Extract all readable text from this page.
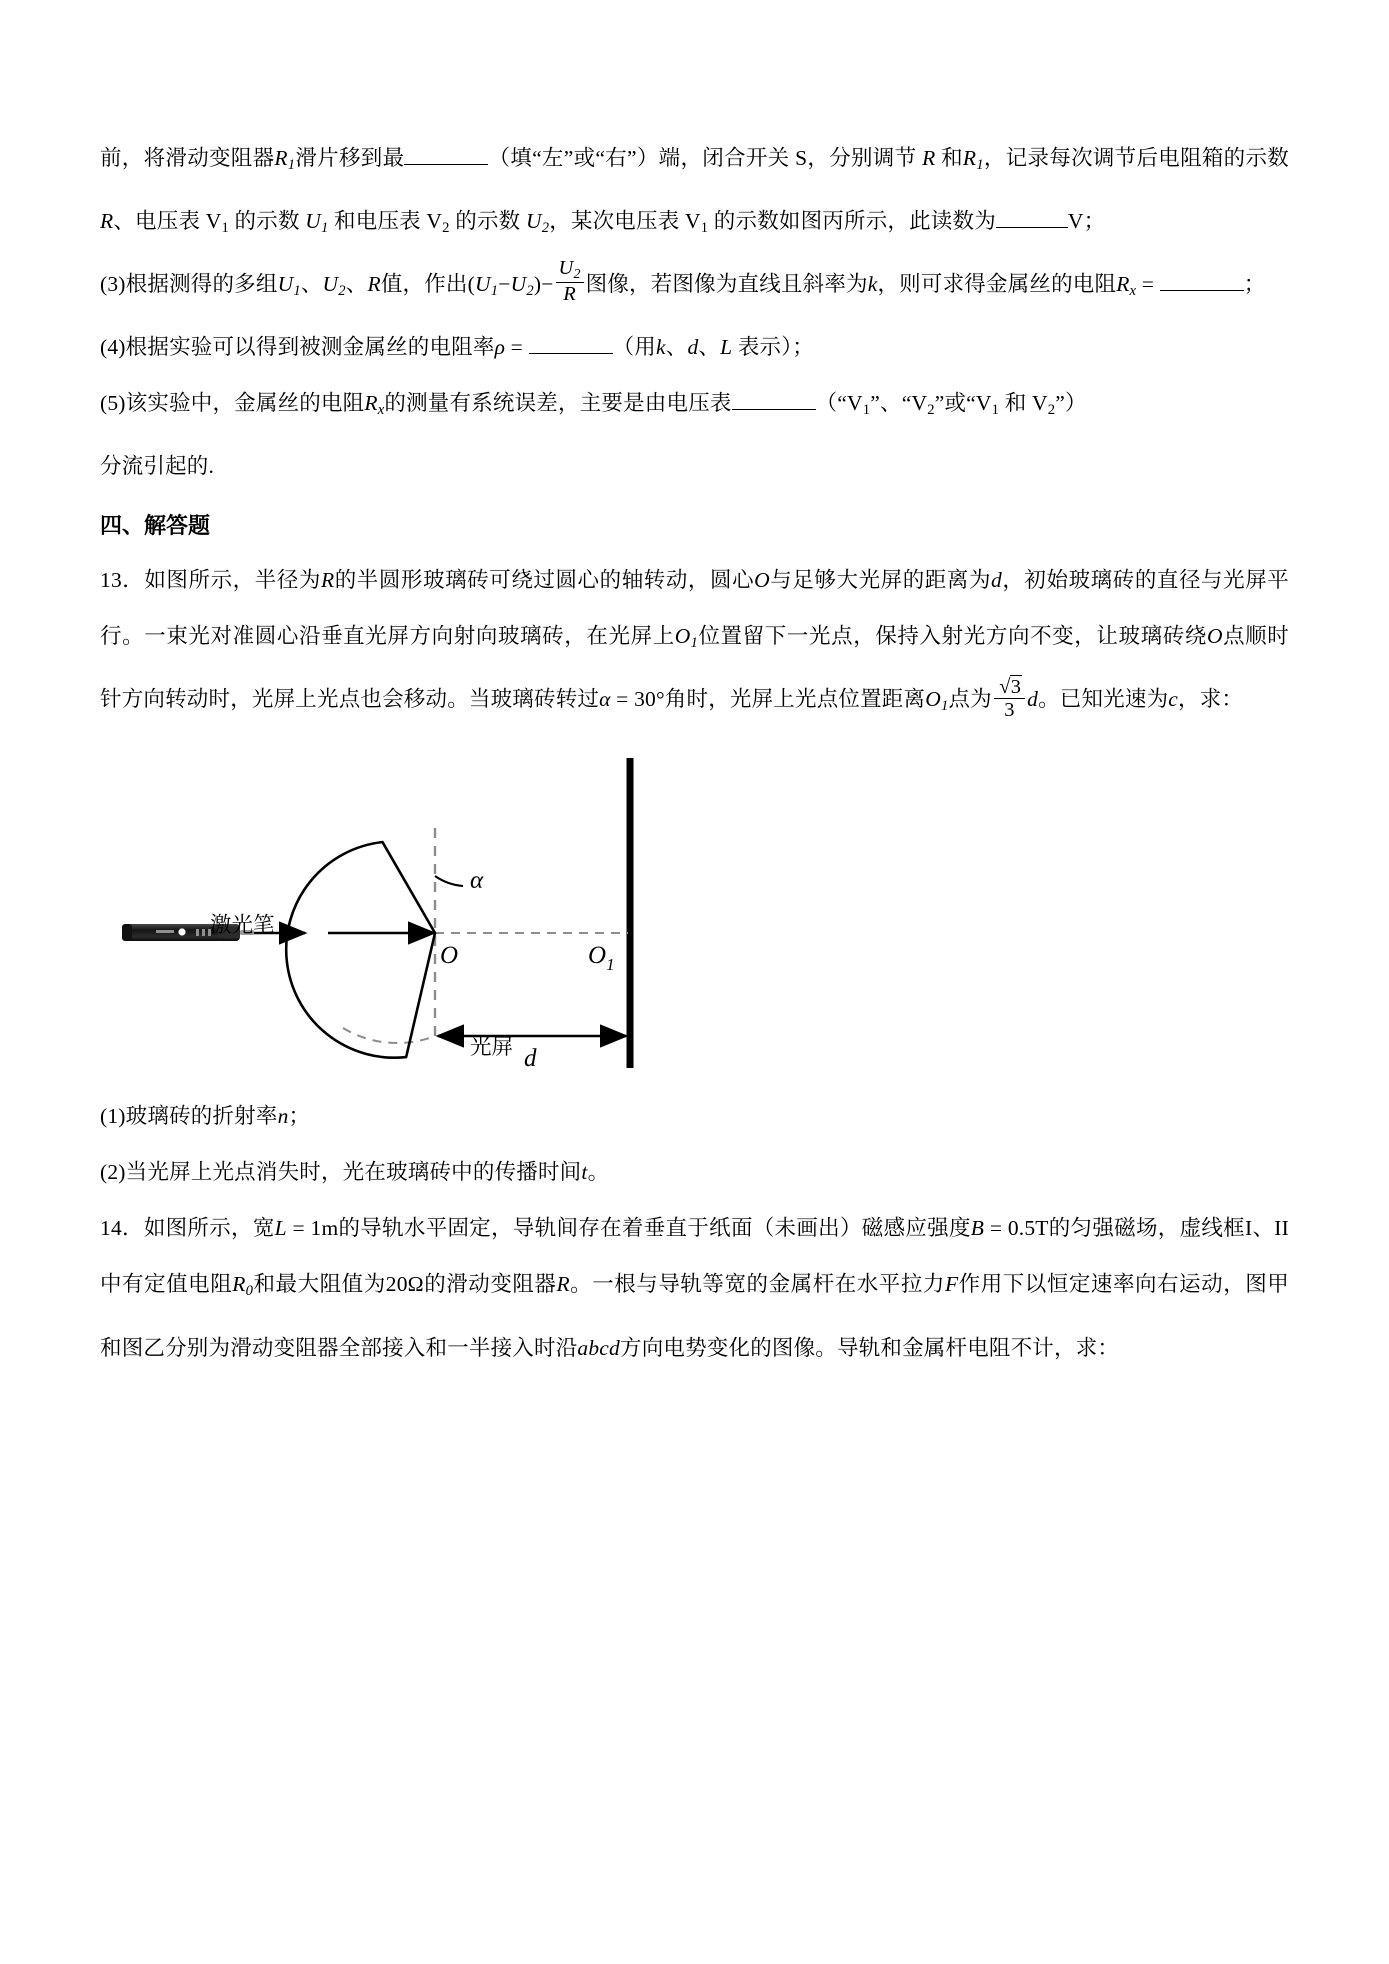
前，将滑动变阻器$R_1$滑片移到最	（填“左”或“右”）端，闭合开关 S，分别调节 R 和$R_1$，记录每次调节后电阻箱的示数 R、电压表 $V_1$ 的示数 $U_1$ 和电压表 $V_2$ 的示数 $U_2$，某次电压表 $V_1$ 的示数如图丙所示，此读数为	V；
(3)根据测得的多组$U_1$、$U_2$、R值，作出$(U_1-U_2)- \frac{U_2}{R}$ 图像，若图像为直线且斜率为k，则可求得金属丝的电阻$R_x$ =	；
(4)根据实验可以得到被测金属丝的电阻率ρ =	（用k、d、L 表示）；
(5)该实验中，金属丝的电阻$R_x$的测量有系统误差，主要是由电压表	（“$V_1$”、“$V_2$”或“$V_1$ 和 $V_2$”）
分流引起的.
四、解答题
13．如图所示，半径为R的半圆形玻璃砖可绕过圆心的轴转动，圆心O与足够大光屏的距离为d，初始玻璃砖的直径与光屏平行。一束光对准圆心沿垂直光屏方向射向玻璃砖，在光屏上$O_1$位置留下一光点，保持入射光方向不变，让玻璃砖绕O点顺时针方向转动时，光屏上光点也会移动。当玻璃砖转过α = 30°角时，光屏上光点位置距离$O_1$点为 $\frac{√3}{3}$ d。已知光速为c，求：
α
O	$O_1$
d
激光笔
光屏
(1)玻璃砖的折射率n；
(2)当光屏上光点消失时，光在玻璃砖中的传播时间t。
14．如图所示，宽L = 1m的导轨水平固定，导轨间存在着垂直于纸面（未画出）磁感应强度B = 0.5T的匀强磁场，虚线框I、II中有定值电阻$R_0$和最大阻值为20Ω的滑动变阻器R。一根与导轨等宽的金属杆在水平拉力F作用下以恒定速率向右运动，图甲和图乙分别为滑动变阻器全部接入和一半接入时沿abcd方向电势变化的图像。导轨和金属杆电阻不计，求：
